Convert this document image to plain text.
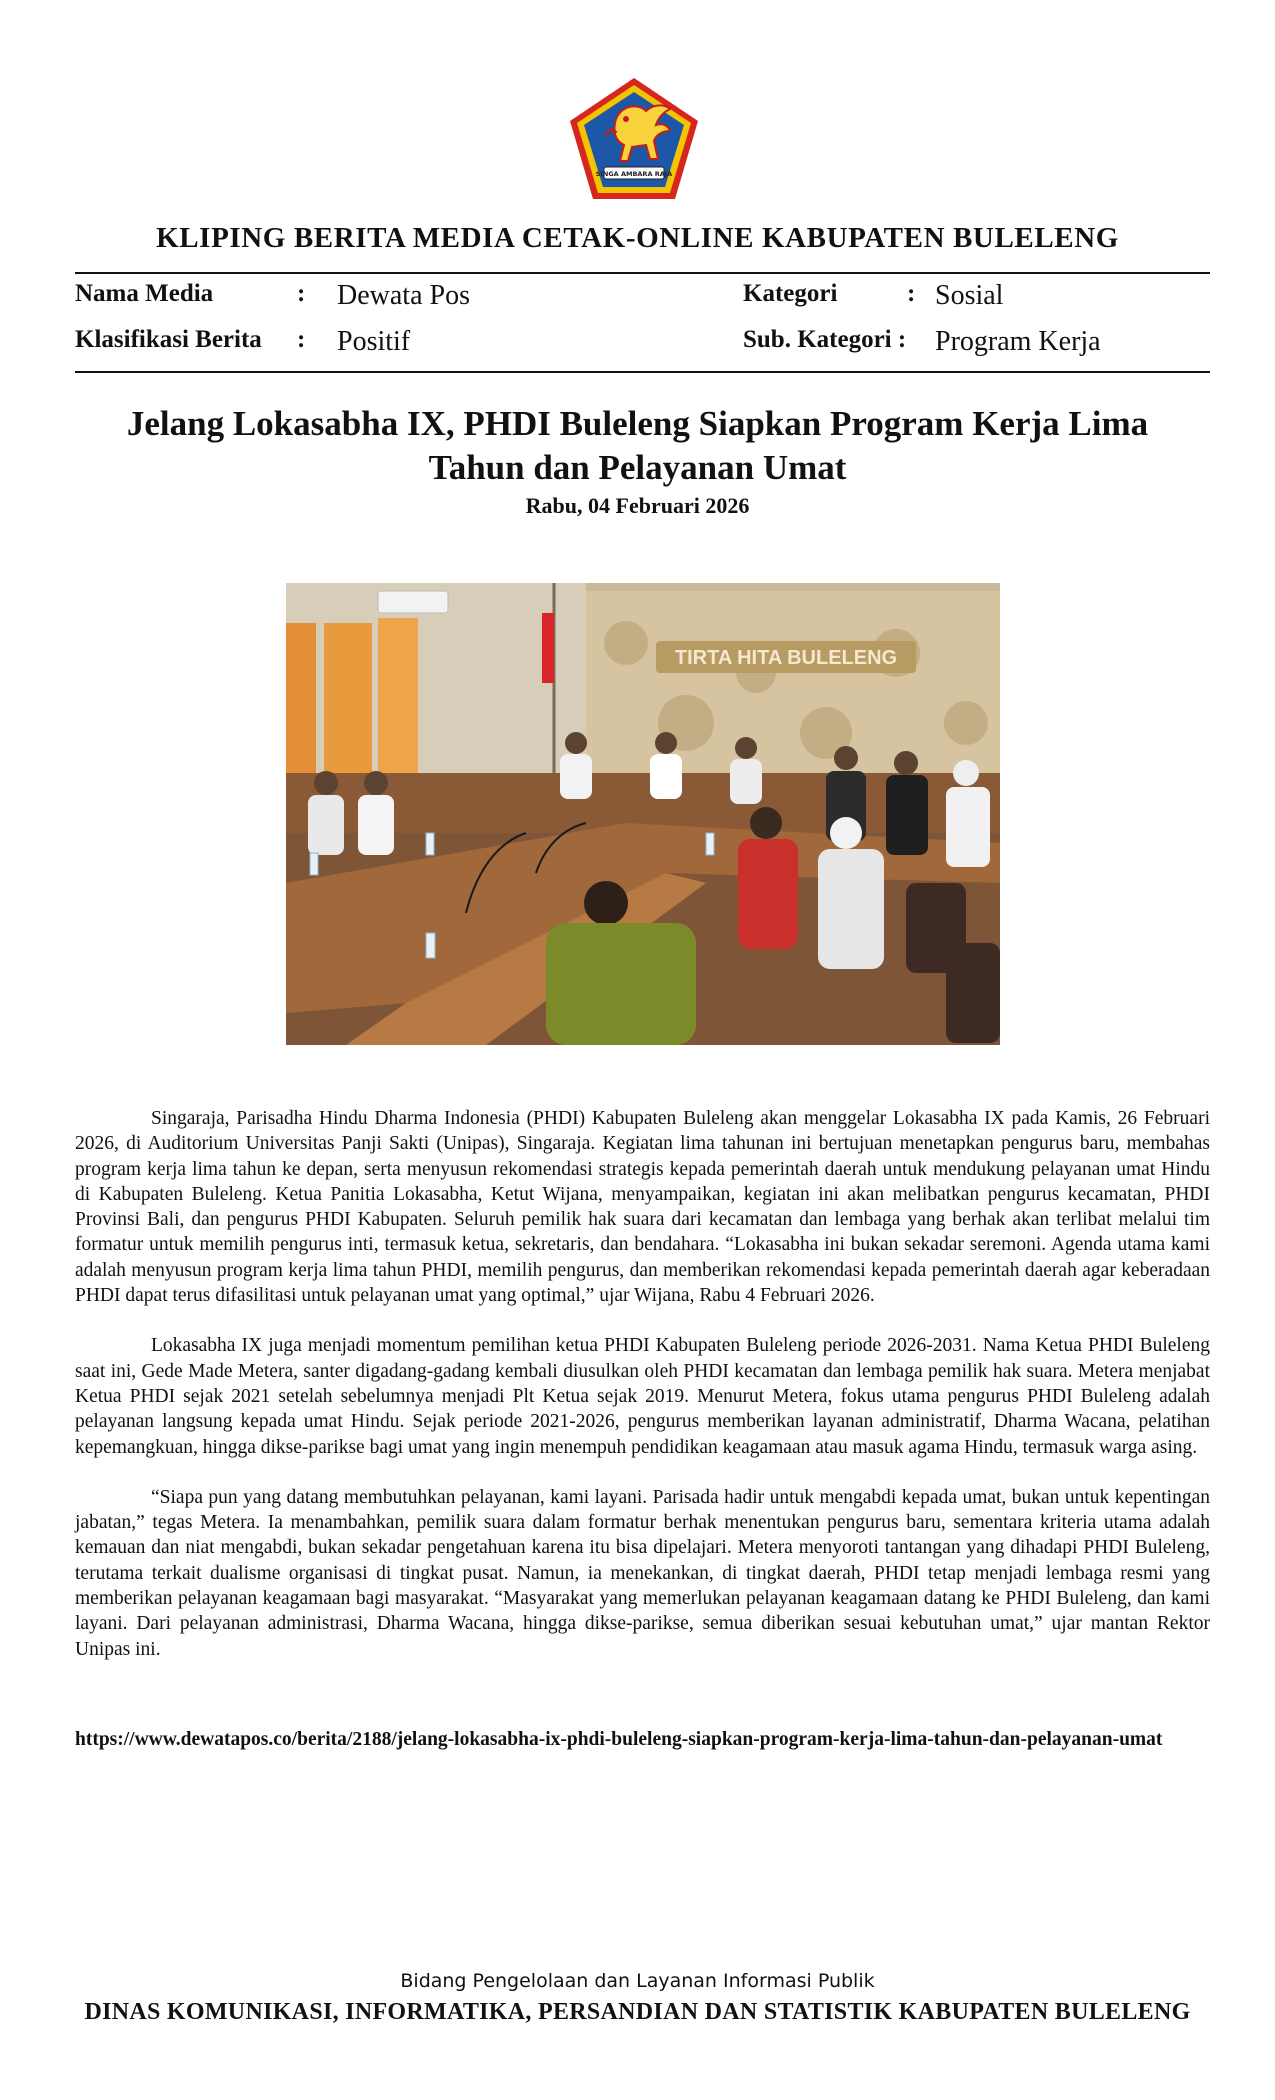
SINGA AMBARA RAJA
KLIPING BERITA MEDIA CETAK-ONLINE KABUPATEN BULELENG
Nama Media	: Dewata Pos	Kategori	: Sosial
Klasifikasi Berita : Positif	Sub. Kategori : Program Kerja
Jelang Lokasabha IX, PHDI Buleleng Siapkan Program Kerja Lima Tahun dan Pelayanan Umat
Rabu, 04 Februari 2026
TIRTA HITA BULELENG

Singaraja, Parisadha Hindu Dharma Indonesia (PHDI) Kabupaten Buleleng akan menggelar Lokasabha IX pada Kamis, 26 Februari 2026, di Auditorium Universitas Panji Sakti (Unipas), Singaraja. Kegiatan lima tahunan ini bertujuan menetapkan pengurus baru, membahas program kerja lima tahun ke depan, serta menyusun rekomendasi strategis kepada pemerintah daerah untuk mendukung pelayanan umat Hindu di Kabupaten Buleleng. Ketua Panitia Lokasabha, Ketut Wijana, menyampaikan, kegiatan ini akan melibatkan pengurus kecamatan, PHDI Provinsi Bali, dan pengurus PHDI Kabupaten. Seluruh pemilik hak suara dari kecamatan dan lembaga yang berhak akan terlibat melalui tim formatur untuk memilih pengurus inti, termasuk ketua, sekretaris, dan bendahara. “Lokasabha ini bukan sekadar seremoni. Agenda utama kami adalah menyusun program kerja lima tahun PHDI, memilih pengurus, dan memberikan rekomendasi kepada pemerintah daerah agar keberadaan PHDI dapat terus difasilitasi untuk pelayanan umat yang optimal,” ujar Wijana, Rabu 4 Februari 2026.

Lokasabha IX juga menjadi momentum pemilihan ketua PHDI Kabupaten Buleleng periode 2026-2031. Nama Ketua PHDI Buleleng saat ini, Gede Made Metera, santer digadang-gadang kembali diusulkan oleh PHDI kecamatan dan lembaga pemilik hak suara. Metera menjabat Ketua PHDI sejak 2021 setelah sebelumnya menjadi Plt Ketua sejak 2019. Menurut Metera, fokus utama pengurus PHDI Buleleng adalah pelayanan langsung kepada umat Hindu. Sejak periode 2021-2026, pengurus memberikan layanan administratif, Dharma Wacana, pelatihan kepemangkuan, hingga dikse-parikse bagi umat yang ingin menempuh pendidikan keagamaan atau masuk agama Hindu, termasuk warga asing.

“Siapa pun yang datang membutuhkan pelayanan, kami layani. Parisada hadir untuk mengabdi kepada umat, bukan untuk kepentingan jabatan,” tegas Metera. Ia menambahkan, pemilik suara dalam formatur berhak menentukan pengurus baru, sementara kriteria utama adalah kemauan dan niat mengabdi, bukan sekadar pengetahuan karena itu bisa dipelajari. Metera menyoroti tantangan yang dihadapi PHDI Buleleng, terutama terkait dualisme organisasi di tingkat pusat. Namun, ia menekankan, di tingkat daerah, PHDI tetap menjadi lembaga resmi yang memberikan pelayanan keagamaan bagi masyarakat. “Masyarakat yang memerlukan pelayanan keagamaan datang ke PHDI Buleleng, dan kami layani. Dari pelayanan administrasi, Dharma Wacana, hingga dikse-parikse, semua diberikan sesuai kebutuhan umat,” ujar mantan Rektor Unipas ini.

https://www.dewatapos.co/berita/2188/jelang-lokasabha-ix-phdi-buleleng-siapkan-program-kerja-lima-tahun-dan-pelayanan-umat
Bidang Pengelolaan dan Layanan Informasi Publik
DINAS KOMUNIKASI, INFORMATIKA, PERSANDIAN DAN STATISTIK KABUPATEN BULELENG
